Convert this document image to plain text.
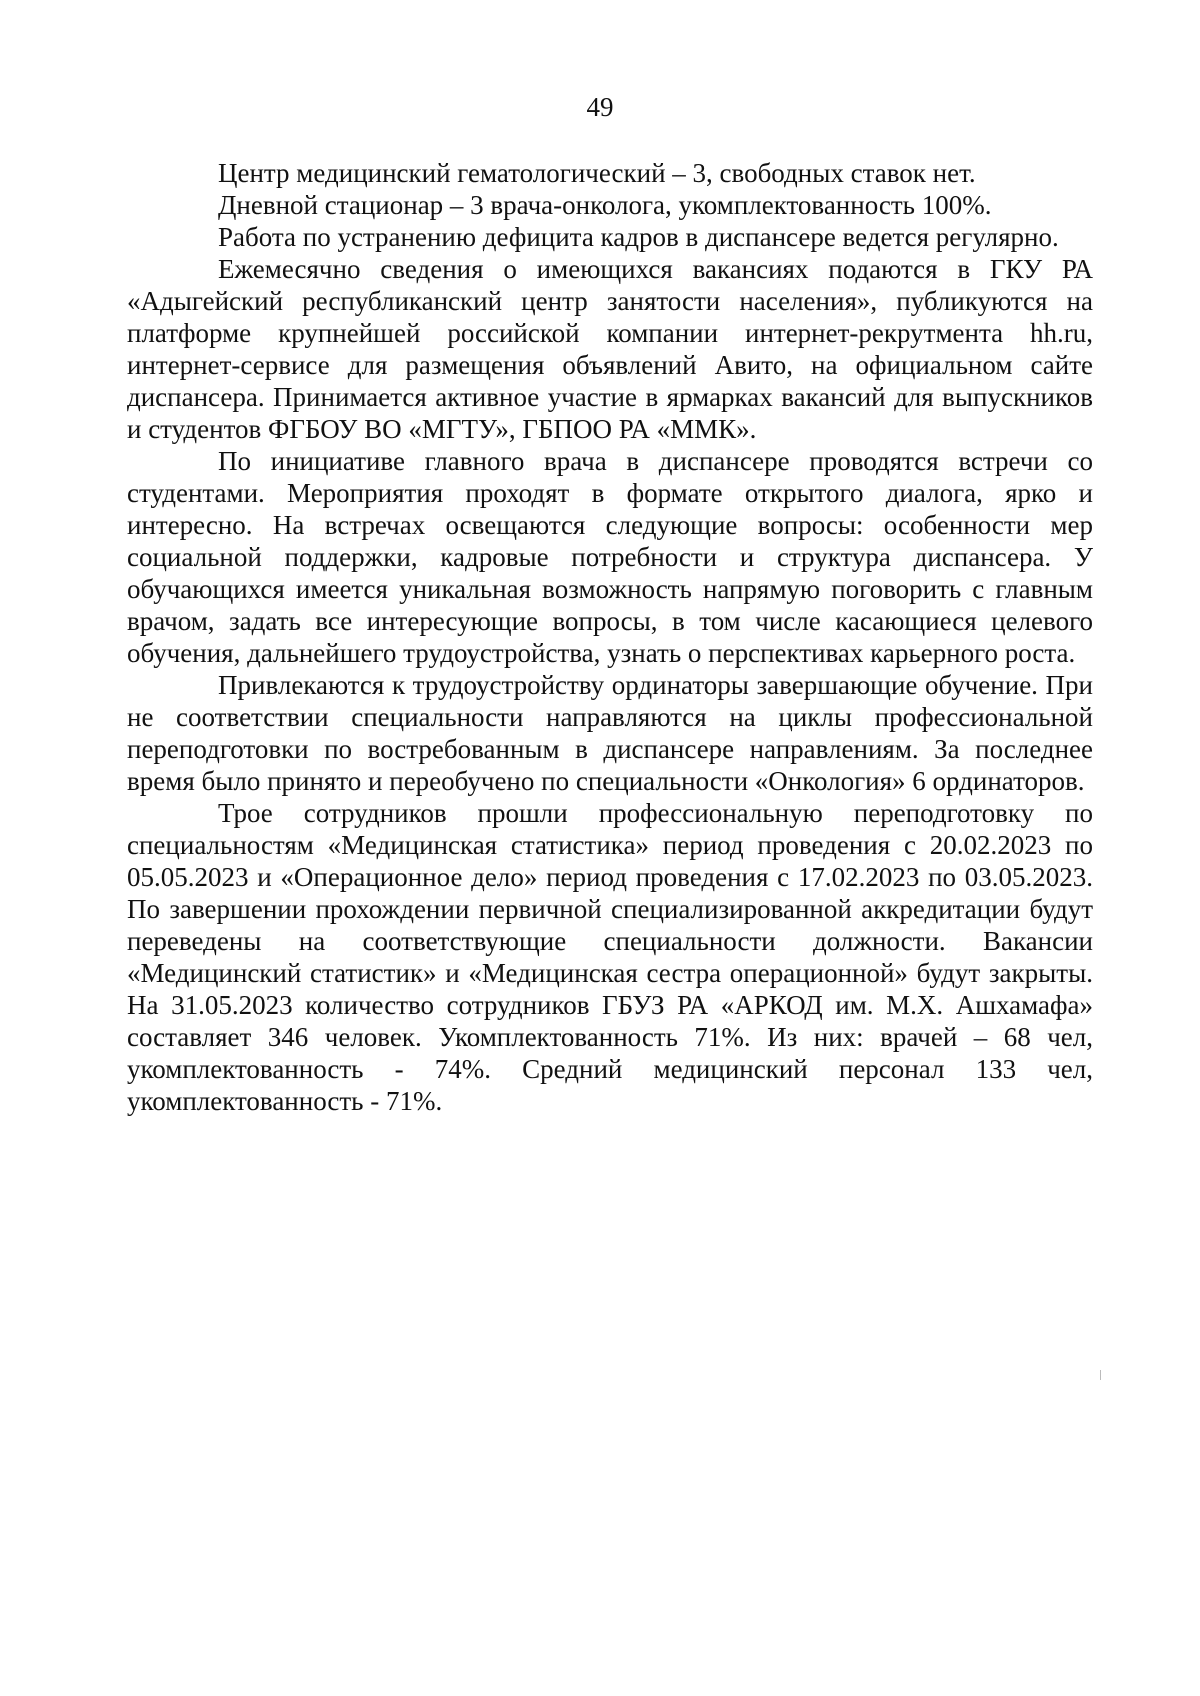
49

Центр медицинский гематологический – 3, свободных ставок нет.

Дневной стационар – 3 врача-онколога, укомплектованность 100%.

Работа по устранению дефицита кадров в диспансере ведется регулярно.

Ежемесячно сведения о имеющихся вакансиях подаются в ГКУ РА «Адыгейский республиканский центр занятости населения», публикуются на платформе крупнейшей российской компании интернет-рекрутмента hh.ru, интернет-сервисе для размещения объявлений Авито, на официальном сайте диспансера. Принимается активное участие в ярмарках вакансий для выпускников и студентов ФГБОУ ВО «МГТУ», ГБПОО РА «ММК».

По инициативе главного врача в диспансере проводятся встречи со студентами. Мероприятия проходят в формате открытого диалога, ярко и интересно. На встречах освещаются следующие вопросы: особенности мер социальной поддержки, кадровые потребности и структура диспансера. У обучающихся имеется уникальная возможность напрямую поговорить с главным врачом, задать все интересующие вопросы, в том числе касающиеся целевого обучения, дальнейшего трудоустройства, узнать о перспективах карьерного роста.

Привлекаются к трудоустройству ординаторы завершающие обучение. При не соответствии специальности направляются на циклы профессиональной переподготовки по востребованным в диспансере направлениям. За последнее время было принято и переобучено по специальности «Онкология» 6 ординаторов.

Трое сотрудников прошли профессиональную переподготовку по специальностям «Медицинская статистика» период проведения с 20.02.2023 по 05.05.2023 и «Операционное дело» период проведения с 17.02.2023 по 03.05.2023. По завершении прохождении первичной специализированной аккредитации будут переведены на соответствующие специальности должности. Вакансии «Медицинский статистик» и «Медицинская сестра операционной» будут закрыты. На 31.05.2023 количество сотрудников ГБУЗ РА «АРКОД им. М.Х. Ашхамафа» составляет 346 человек. Укомплектованность 71%. Из них: врачей – 68 чел, укомплектованность - 74%. Средний медицинский персонал 133 чел, укомплектованность - 71%.
